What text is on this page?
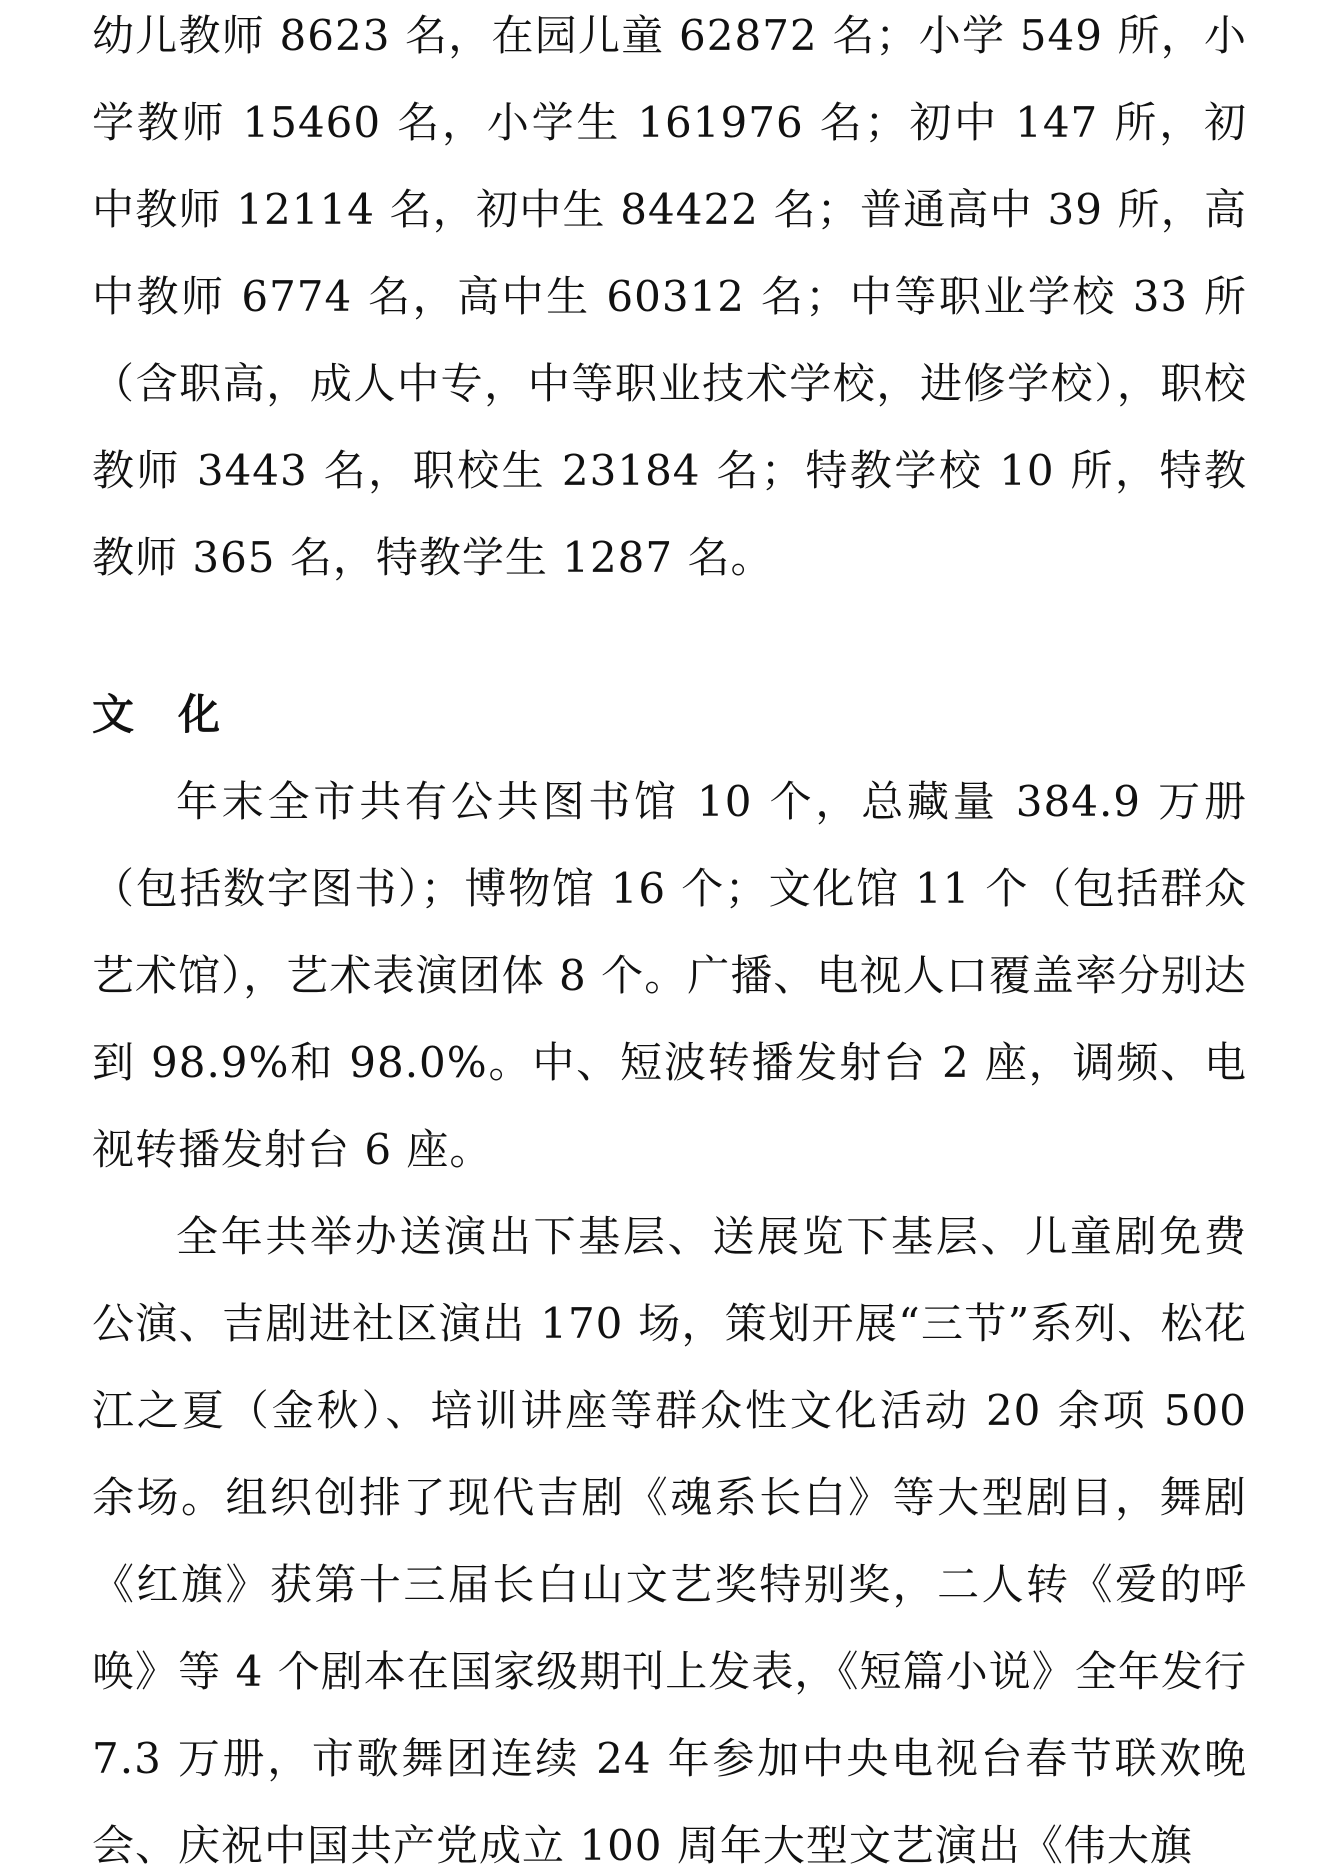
幼儿教师 8623 名，在园儿童 62872 名；小学 549 所，小学教师 15460 名，小学生 161976 名；初中 147 所，初中教师 12114 名，初中生 84422 名；普通高中 39 所，高中教师 6774 名，高中生 60312 名；中等职业学校 33 所（含职高，成人中专，中等职业技术学校，进修学校），职校教师 3443 名，职校生 23184 名；特教学校 10 所，特教教师 365 名，特教学生 1287 名。

文化

年末全市共有公共图书馆 10 个，总藏量 384.9 万册（包括数字图书）；博物馆 16 个；文化馆 11 个（包括群众艺术馆），艺术表演团体 8 个。广播、电视人口覆盖率分别达到 98.9%和 98.0%。中、短波转播发射台 2 座，调频、电视转播发射台 6 座。

全年共举办送演出下基层、送展览下基层、儿童剧免费公演、吉剧进社区演出 170 场，策划开展“三节”系列、松花江之夏（金秋）、培训讲座等群众性文化活动 20 余项 500 余场。组织创排了现代吉剧《魂系长白》等大型剧目，舞剧《红旗》获第十三届长白山文艺奖特别奖，二人转《爱的呼唤》等 4 个剧本在国家级期刊上发表，《短篇小说》全年发行 7.3 万册，市歌舞团连续 24 年参加中央电视台春节联欢晚会、庆祝中国共产党成立 100 周年大型文艺演出《伟大旗
